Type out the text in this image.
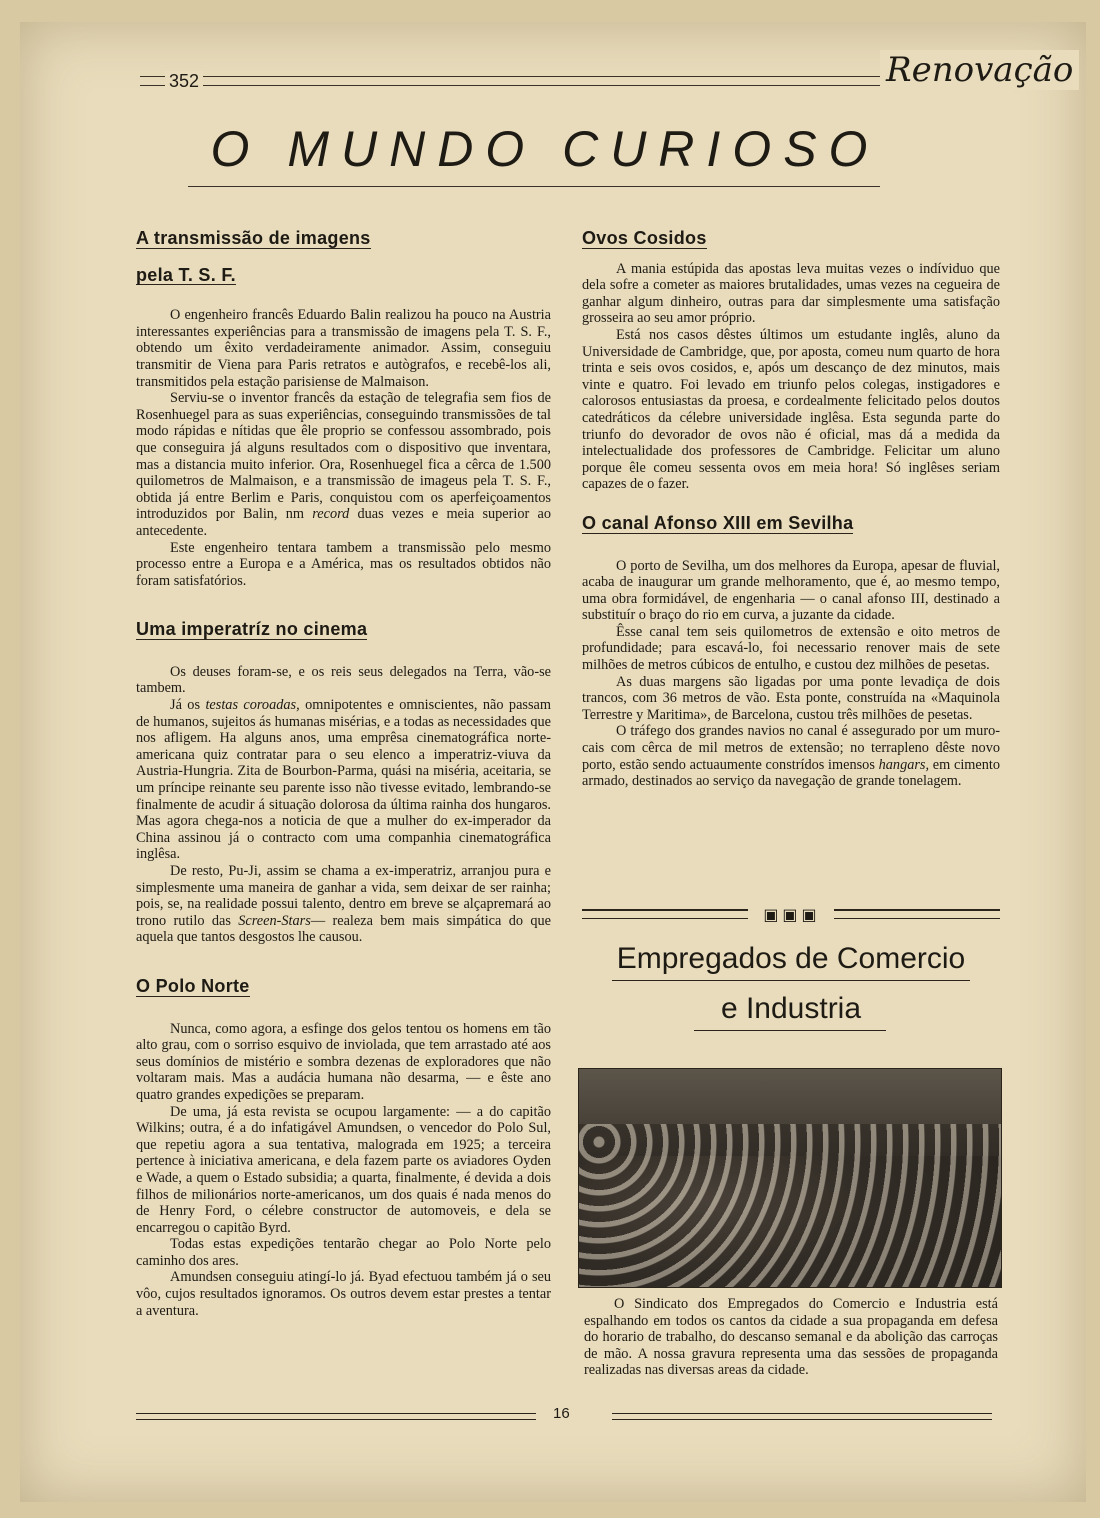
352	Renovação
O MUNDO CURIOSO
A transmissão de imagens
pela T. S. F.

O engenheiro francês Eduardo Balin realizou ha pouco na Austria interessantes experiências para a transmissão de imagens pela T. S. F., obtendo um êxito verdadeiramente animador. Assim, conseguiu transmitir de Viena para Paris retratos e autògrafos, e recebê-los ali, transmitidos pela estação parisiense de Malmaison.

Serviu-se o inventor francês da estação de telegrafia sem fios de Rosenhuegel para as suas experiências, conseguindo transmissões de tal modo rápidas e nítidas que êle proprio se confessou assombrado, pois que conseguira já alguns resultados com o dispositivo que inventara, mas a distancia muito inferior. Ora, Rosenhuegel fica a cêrca de 1.500 quilometros de Malmaison, e a transmissão de imageus pela T. S. F., obtida já entre Berlim e Paris, conquistou com os aperfeiçoamentos introduzidos por Balin, nm record duas vezes e meia superior ao antecedente.

Este engenheiro tentara tambem a transmissão pelo mesmo processo entre a Europa e a América, mas os resultados obtidos não foram satisfatórios.

Uma imperatríz no cinema

Os deuses foram-se, e os reis seus delegados na Terra, vão-se tambem.

Já os testas coroadas, omnipotentes e omniscientes, não passam de humanos, sujeitos ás humanas misérias, e a todas as necessidades que nos afligem. Ha alguns anos, uma emprêsa cinematográfica norte-americana quiz contratar para o seu elenco a imperatriz-viuva da Austria-Hungria. Zita de Bourbon-Parma, quási na miséria, aceitaria, se um príncipe reinante seu parente isso não tivesse evitado, lembrando-se finalmente de acudir á situação dolorosa da última rainha dos hungaros. Mas agora chega-nos a noticia de que a mulher do ex-imperador da China assinou já o contracto com uma companhia cinematográfica inglêsa.

De resto, Pu-Ji, assim se chama a ex-imperatriz, arranjou pura e simplesmente uma maneira de ganhar a vida, sem deixar de ser rainha; pois, se, na realidade possui talento, dentro em breve se alçapremará ao trono rutilo das Screen-Stars— realeza bem mais simpática do que aquela que tantos desgostos lhe causou.

O Polo Norte

Nunca, como agora, a esfinge dos gelos tentou os homens em tão alto grau, com o sorriso esquivo de inviolada, que tem arrastado até aos seus domínios de mistério e sombra dezenas de exploradores que não voltaram mais. Mas a audácia humana não desarma, — e êste ano quatro grandes expedições se preparam.

De uma, já esta revista se ocupou largamente: — a do capitão Wilkins; outra, é a do infatigável Amundsen, o vencedor do Polo Sul, que repetiu agora a sua tentativa, malograda em 1925; a terceira pertence à iniciativa americana, e dela fazem parte os aviadores Oyden e Wade, a quem o Estado subsidia; a quarta, finalmente, é devida a dois filhos de milionários norte-americanos, um dos quais é nada menos do de Henry Ford, o célebre constructor de automoveis, e dela se encarregou o capitão Byrd.

Todas estas expedições tentarão chegar ao Polo Norte pelo caminho dos ares.

Amundsen conseguiu atingí-lo já. Byad efectuou também já o seu vôo, cujos resultados ignoramos. Os outros devem estar prestes a tentar a aventura.

Ovos Cosidos

A mania estúpida das apostas leva muitas vezes o indíviduo que dela sofre a cometer as maiores brutalidades, umas vezes na cegueira de ganhar algum dinheiro, outras para dar simplesmente uma satisfação grosseira ao seu amor próprio.

Está nos casos dêstes últimos um estudante inglês, aluno da Universidade de Cambridge, que, por aposta, comeu num quarto de hora trinta e seis ovos cosidos, e, após um descanço de dez minutos, mais vinte e quatro. Foi levado em triunfo pelos colegas, instigadores e calorosos entusiastas da proesa, e cordealmente felicitado pelos doutos catedráticos da célebre universidade inglêsa. Esta segunda parte do triunfo do devorador de ovos não é oficial, mas dá a medida da intelectualidade dos professores de Cambridge. Felicitar um aluno porque êle comeu sessenta ovos em meia hora! Só inglêses seriam capazes de o fazer.

O canal Afonso XIII em Sevilha

O porto de Sevilha, um dos melhores da Europa, apesar de fluvial, acaba de inaugurar um grande melhoramento, que é, ao mesmo tempo, uma obra formidável, de engenharia — o canal afonso III, destinado a substituír o braço do rio em curva, a juzante da cidade.

Êsse canal tem seis quilometros de extensão e oito metros de profundidade; para escavá-lo, foi necessario renover mais de sete milhões de metros cúbicos de entulho, e custou dez milhões de pesetas.

As duas margens são ligadas por uma ponte levadiça de dois trancos, com 36 metros de vão. Esta ponte, construída na «Maquinola Terrestre y Maritima», de Barcelona, custou três milhões de pesetas.

O tráfego dos grandes navios no canal é assegurado por um muro-cais com cêrca de mil metros de extensão; no terrapleno dêste novo porto, estão sendo actuaumente constrídos imensos hangars, em cimento armado, destinados ao serviço da navegação de grande tonelagem.

▣▣▣
Empregados de Comercio
e Industria

O Sindicato dos Empregados do Comercio e Industria está espalhando em todos os cantos da cidade a sua propaganda em defesa do horario de trabalho, do descanso semanal e da abolição das carroças de mão. A nossa gravura representa uma das sessões de propaganda realizadas nas diversas areas da cidade.

16
